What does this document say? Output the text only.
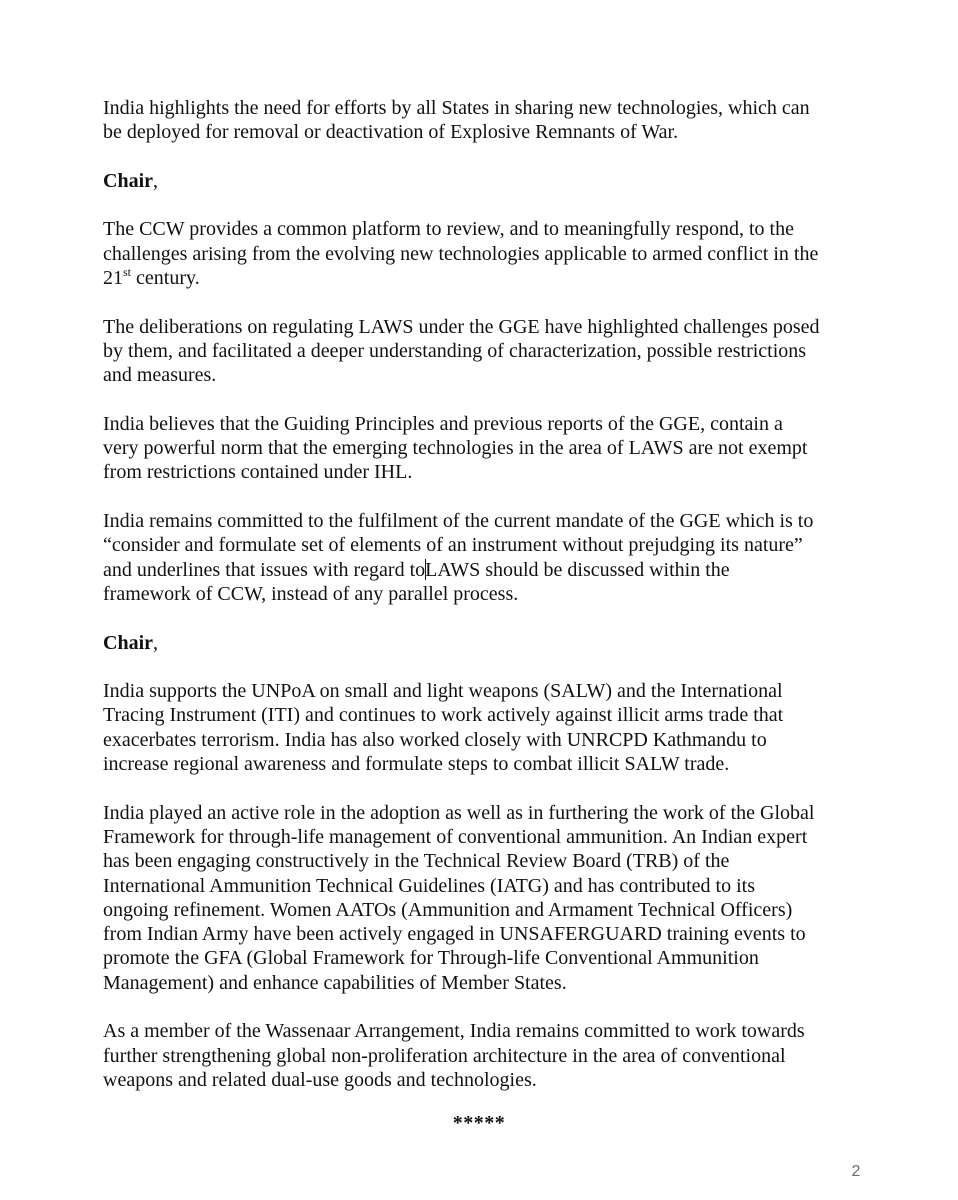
India highlights the need for efforts by all States in sharing new technologies, which can
be deployed for removal or deactivation of Explosive Remnants of War.

Chair,

The CCW provides a common platform to review, and to meaningfully respond, to the
challenges arising from the evolving new technologies applicable to armed conflict in the
21st century.

The deliberations on regulating LAWS under the GGE have highlighted challenges posed
by them, and facilitated a deeper understanding of characterization, possible restrictions
and measures.

India believes that the Guiding Principles and previous reports of the GGE, contain a
very powerful norm that the emerging technologies in the area of LAWS are not exempt
from restrictions contained under IHL.

India remains committed to the fulfilment of the current mandate of the GGE which is to
“consider and formulate set of elements of an instrument without prejudging its nature”
and underlines that issues with regard toLAWS should be discussed within the
framework of CCW, instead of any parallel process.

Chair,

India supports the UNPoA on small and light weapons (SALW) and the International
Tracing Instrument (ITI) and continues to work actively against illicit arms trade that
exacerbates terrorism. India has also worked closely with UNRCPD Kathmandu to
increase regional awareness and formulate steps to combat illicit SALW trade.

India played an active role in the adoption as well as in furthering the work of the Global
Framework for through-life management of conventional ammunition. An Indian expert
has been engaging constructively in the Technical Review Board (TRB) of the
International Ammunition Technical Guidelines (IATG) and has contributed to its
ongoing refinement. Women AATOs (Ammunition and Armament Technical Officers)
from Indian Army have been actively engaged in UNSAFERGUARD training events to
promote the GFA (Global Framework for Through-life Conventional Ammunition
Management) and enhance capabilities of Member States.

As a member of the Wassenaar Arrangement, India remains committed to work towards
further strengthening global non-proliferation architecture in the area of conventional
weapons and related dual-use goods and technologies.

*****
2
